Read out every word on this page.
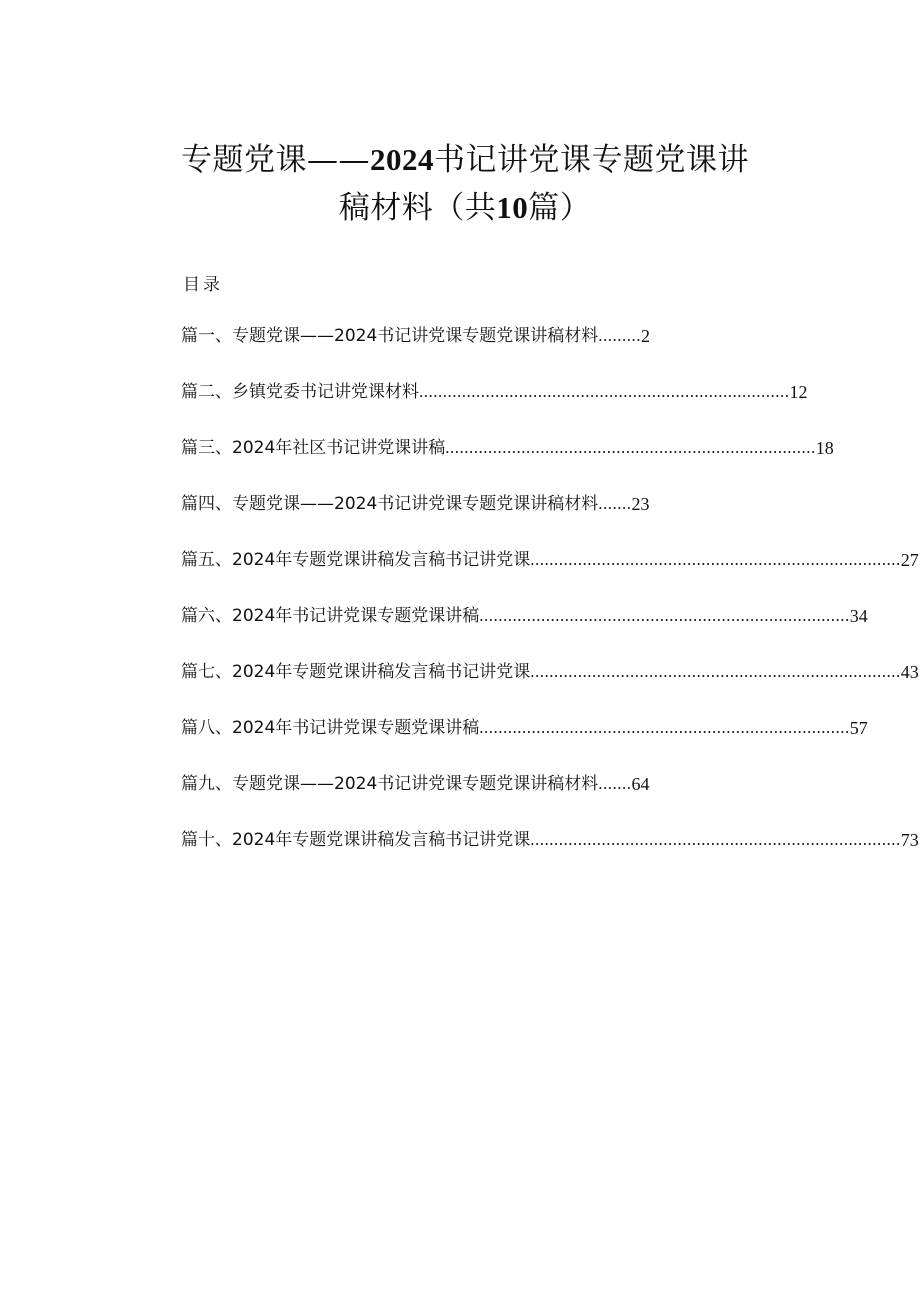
专题党课——2024书记讲党课专题党课讲
稿材料（共10篇）
目录
篇一、专题党课——2024书记讲党课专题党课讲稿材料 ......... 2
篇二、乡镇党委书记讲党课材料 .............................................................................. 12
篇三、2024年社区书记讲党课讲稿 .............................................................................. 18
篇四、专题党课——2024书记讲党课专题党课讲稿材料 ....... 23
篇五、2024年专题党课讲稿发言稿书记讲党课 .............................................................................. 27
篇六、2024年书记讲党课专题党课讲稿 .............................................................................. 34
篇七、2024年专题党课讲稿发言稿书记讲党课 .............................................................................. 43
篇八、2024年书记讲党课专题党课讲稿 .............................................................................. 57
篇九、专题党课——2024书记讲党课专题党课讲稿材料 ....... 64
篇十、2024年专题党课讲稿发言稿书记讲党课 .............................................................................. 73
